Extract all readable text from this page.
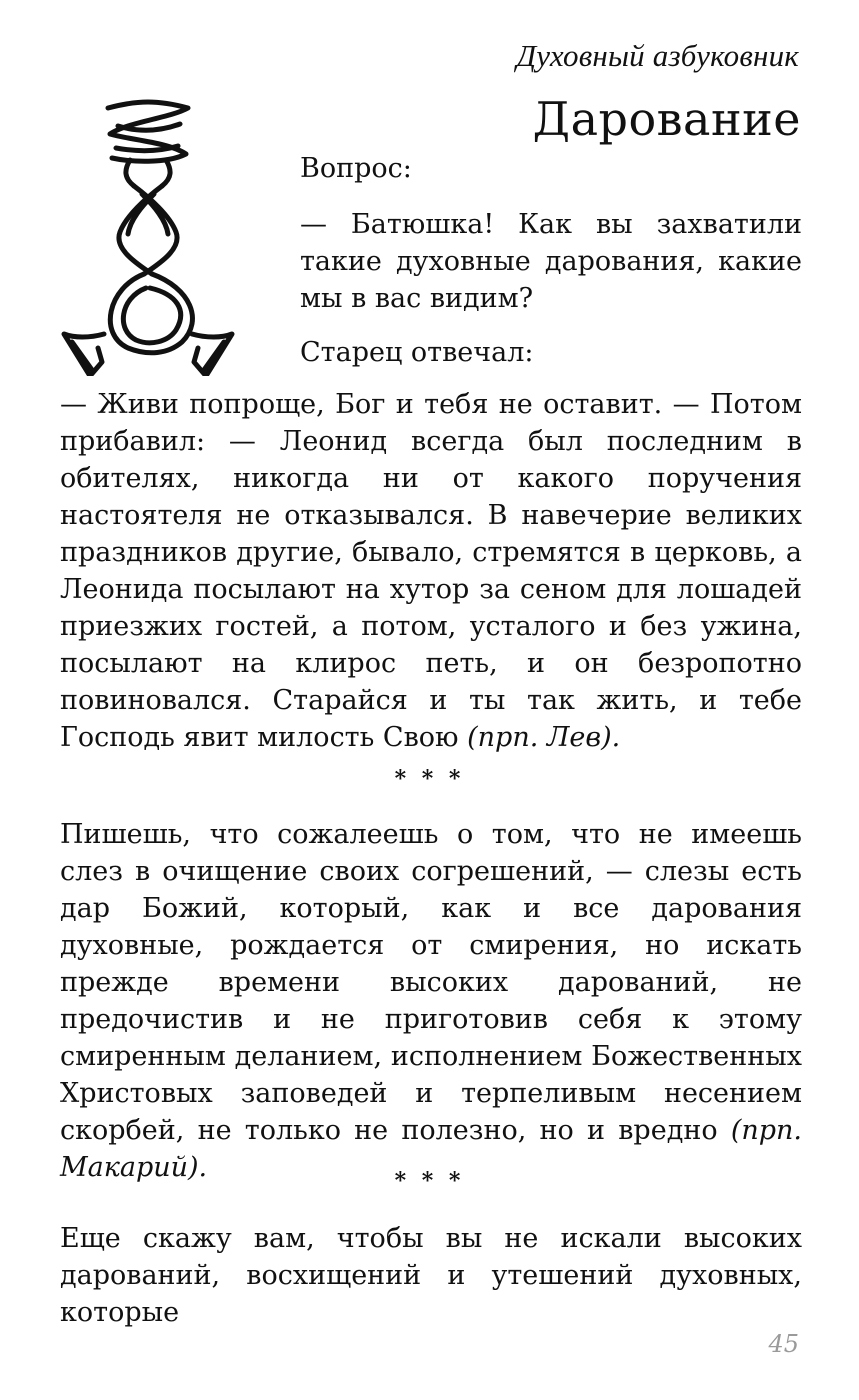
Духовный азбуковник
Дарование
Вопрос:
— Батюшка! Как вы захватили такие духовные дарования, какие мы в вас видим?
Старец отвечал:

— Живи попроще, Бог и тебя не оставит. — Потом прибавил: — Леонид всегда был последним в обителях, никогда ни от какого поручения настоятеля не отказывался. В навечерие великих праздников другие, бывало, стремятся в церковь, а Леонида посылают на хутор за сеном для лошадей приезжих гостей, а потом, усталого и без ужина, посылают на клирос петь, и он безропотно повиновался. Старайся и ты так жить, и тебе Господь явит милость Свою (прп. Лев).

* * *

Пишешь, что сожалеешь о том, что не имеешь слез в очищение своих согрешений, — слезы есть дар Божий, который, как и все дарования духовные, рождается от смирения, но искать прежде времени высоких дарований, не предочистив и не приготовив себя к этому смиренным деланием, исполнением Божественных Христовых заповедей и терпеливым несением скорбей, не только не полезно, но и вредно (прп. Макарий).	* * *

Еще скажу вам, чтобы вы не искали высоких дарований, восхищений и утешений духовных, которые

45
